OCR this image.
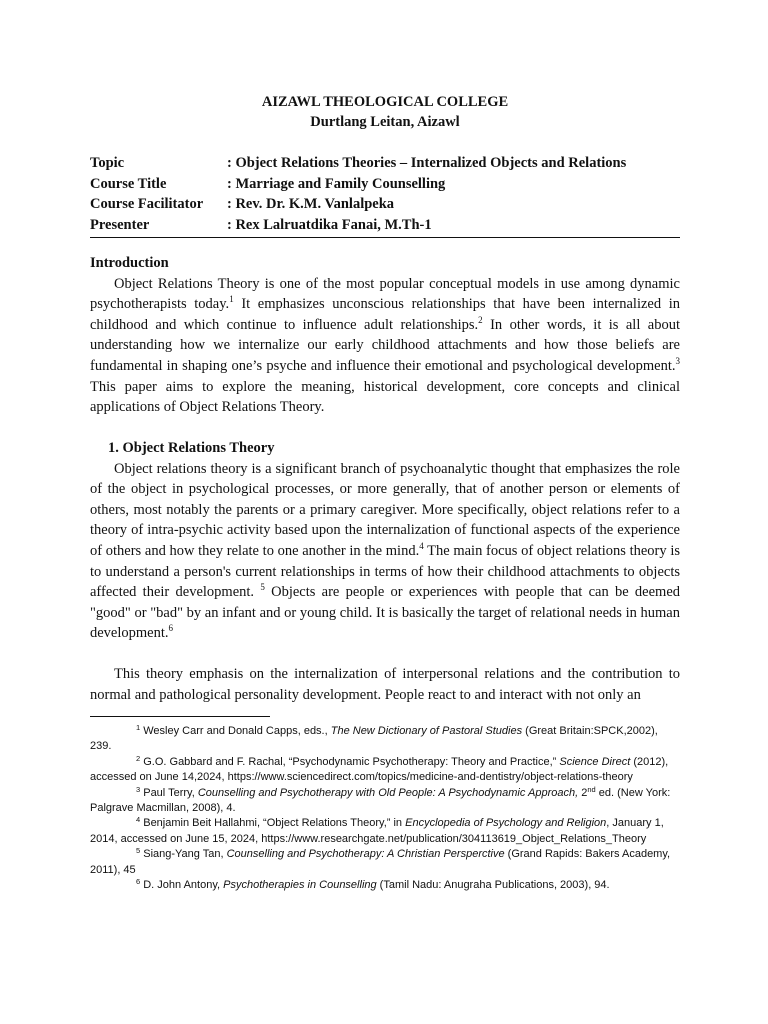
AIZAWL THEOLOGICAL COLLEGE
Durtlang Leitan, Aizawl
Topic	: Object Relations Theories – Internalized Objects and Relations
Course Title	: Marriage and Family Counselling
Course Facilitator	: Rev. Dr. K.M. Vanlalpeka
Presenter	: Rex Lalruatdika Fanai, M.Th-1
Introduction
Object Relations Theory is one of the most popular conceptual models in use among dynamic psychotherapists today.$^1$ It emphasizes unconscious relationships that have been internalized in childhood and which continue to influence adult relationships.$^2$ In other words, it is all about understanding how we internalize our early childhood attachments and how those beliefs are fundamental in shaping one’s psyche and influence their emotional and psychological development.$^3$ This paper aims to explore the meaning, historical development, core concepts and clinical applications of Object Relations Theory.
1. Object Relations Theory
Object relations theory is a significant branch of psychoanalytic thought that emphasizes the role of the object in psychological processes, or more generally, that of another person or elements of others, most notably the parents or a primary caregiver. More specifically, object relations refer to a theory of intra-psychic activity based upon the internalization of functional aspects of the experience of others and how they relate to one another in the mind.$^4$ The main focus of object relations theory is to understand a person's current relationships in terms of how their childhood attachments to objects affected their development. $^5$ Objects are people or experiences with people that can be deemed "good" or "bad" by an infant and or young child. It is basically the target of relational needs in human development.$^6$
This theory emphasis on the internalization of interpersonal relations and the contribution to normal and pathological personality development. People react to and interact with not only an
$^1$ Wesley Carr and Donald Capps, eds., The New Dictionary of Pastoral Studies (Great Britain:SPCK,2002), 239.
$^2$ G.O. Gabbard and F. Rachal, “Psychodynamic Psychotherapy: Theory and Practice,” Science Direct (2012), accessed on June 14,2024, https://www.sciencedirect.com/topics/medicine-and-dentistry/object-relations-theory
$^3$ Paul Terry, Counselling and Psychotherapy with Old People: A Psychodynamic Approach, 2nd ed. (New York: Palgrave Macmillan, 2008), 4.
$^4$ Benjamin Beit Hallahmi, “Object Relations Theory,” in Encyclopedia of Psychology and Religion, January 1, 2014, accessed on June 15, 2024, https://www.researchgate.net/publication/304113619_Object_Relations_Theory
$^5$ Siang-Yang Tan, Counselling and Psychotherapy: A Christian Persperctive (Grand Rapids: Bakers Academy, 2011), 45
$^6$ D. John Antony, Psychotherapies in Counselling (Tamil Nadu: Anugraha Publications, 2003), 94.
